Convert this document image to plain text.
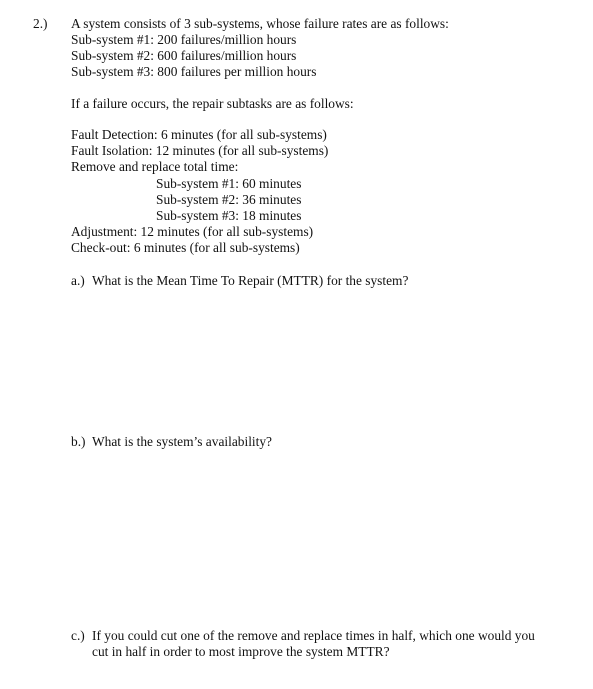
2.) A system consists of 3 sub-systems, whose failure rates are as follows:
Sub-system #1: 200 failures/million hours
Sub-system #2: 600 failures/million hours
Sub-system #3: 800 failures per million hours
If a failure occurs, the repair subtasks are as follows:
Fault Detection: 6 minutes (for all sub-systems)
Fault Isolation: 12 minutes (for all sub-systems)
Remove and replace total time:
Sub-system #1: 60 minutes
Sub-system #2: 36 minutes
Sub-system #3: 18 minutes
Adjustment: 12 minutes (for all sub-systems)
Check-out: 6 minutes (for all sub-systems)
a.) What is the Mean Time To Repair (MTTR) for the system?
b.) What is the system’s availability?
c.) If you could cut one of the remove and replace times in half, which one would you
cut in half in order to most improve the system MTTR?
